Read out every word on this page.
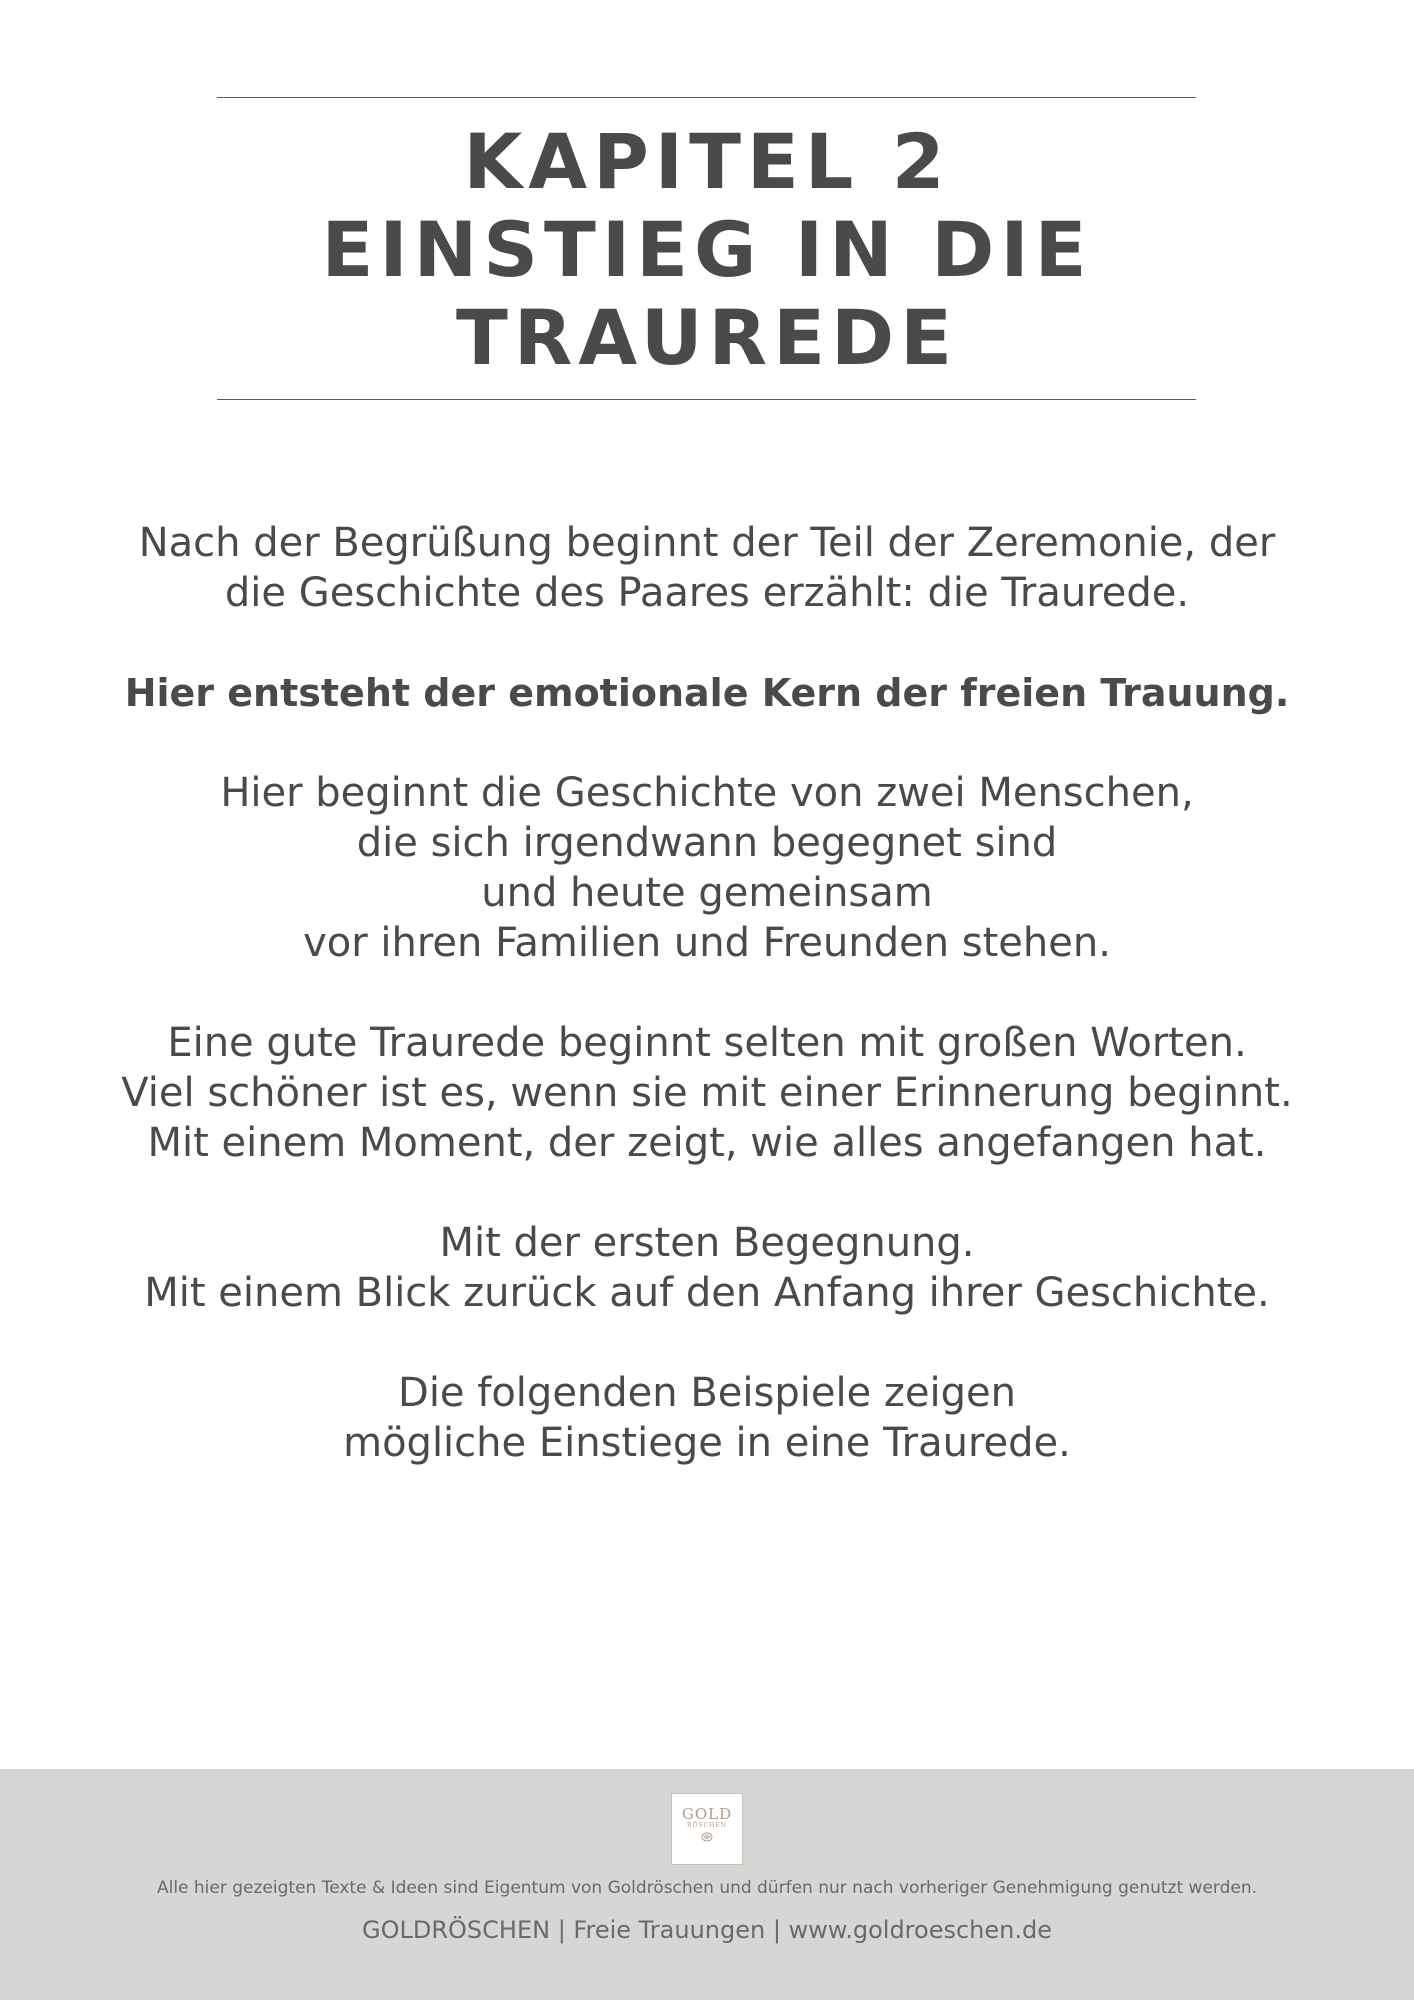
KAPITEL 2
EINSTIEG IN DIE
TRAUREDE

Nach der Begrüßung beginnt der Teil der Zeremonie, der
die Geschichte des Paares erzählt: die Traurede.

Hier entsteht der emotionale Kern der freien Trauung.

Hier beginnt die Geschichte von zwei Menschen,
die sich irgendwann begegnet sind
und heute gemeinsam
vor ihren Familien und Freunden stehen.

Eine gute Traurede beginnt selten mit großen Worten.
Viel schöner ist es, wenn sie mit einer Erinnerung beginnt.
Mit einem Moment, der zeigt, wie alles angefangen hat.

Mit der ersten Begegnung.
Mit einem Blick zurück auf den Anfang ihrer Geschichte.

Die folgenden Beispiele zeigen
mögliche Einstiege in eine Traurede.

GOLD
RÖSCHEN
Alle hier gezeigten Texte & Ideen sind Eigentum von Goldröschen und dürfen nur nach vorheriger Genehmigung genutzt werden.
GOLDRÖSCHEN | Freie Trauungen | www.goldroeschen.de
